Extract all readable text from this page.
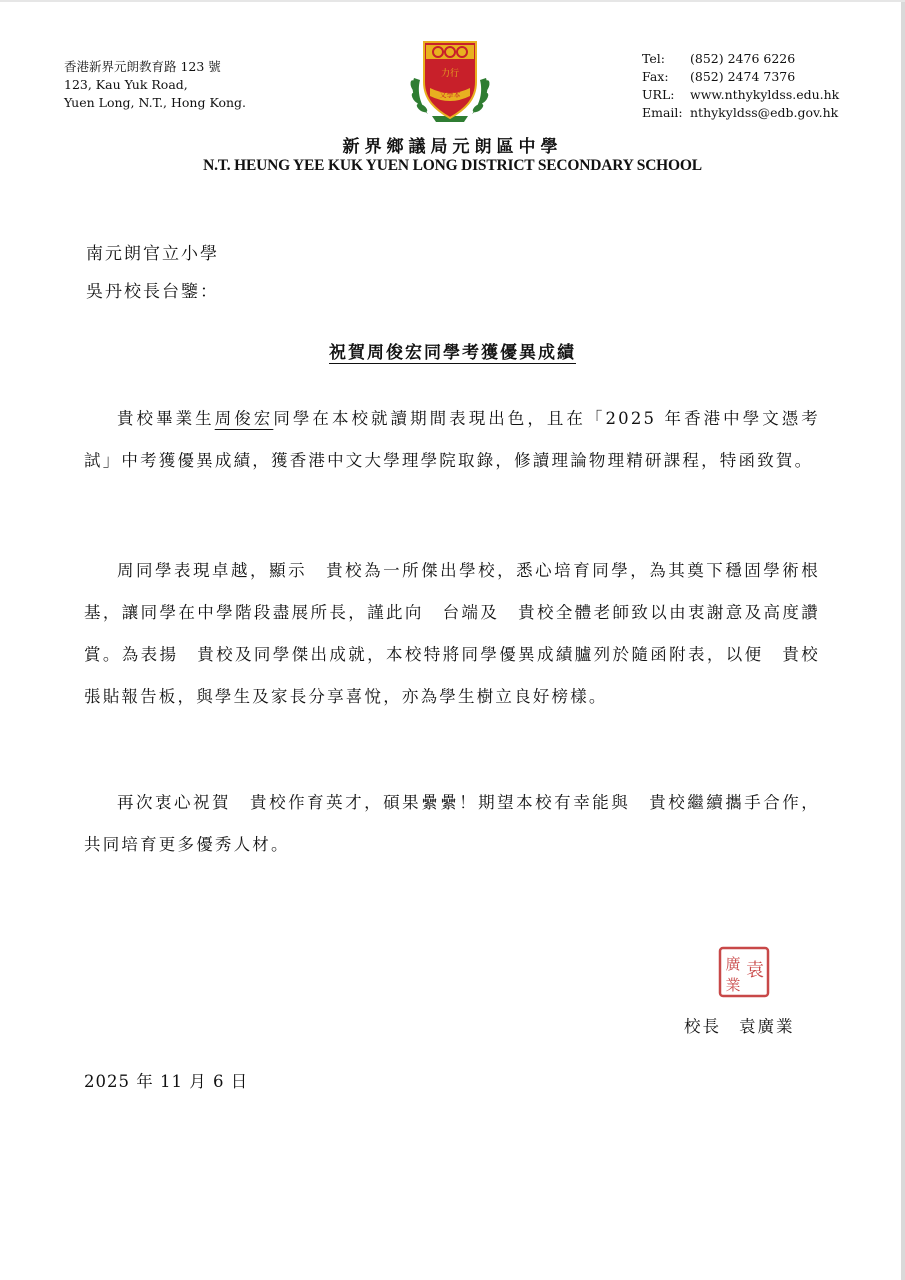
香港新界元朗教育路 123 號
123, Kau Yuk Road,
Yuen Long, N.T., Hong Kong.
力行
文學本
Tel:	(852) 2476 6226
Fax:	(852) 2474 7376
URL:	www.nthykyldss.edu.hk
Email: nthykyldss@edb.gov.hk
新界鄉議局元朗區中學
N.T. HEUNG YEE KUK YUEN LONG DISTRICT SECONDARY SCHOOL
南元朗官立小學
吳丹校長台鑒：
祝賀周俊宏同學考獲優異成績
貴校畢業生周俊宏同學在本校就讀期間表現出色，且在「2025 年香港中學文憑考試」中考獲優異成績，獲香港中文大學理學院取錄，修讀理論物理精研課程，特函致賀。
周同學表現卓越，顯示　貴校為一所傑出學校，悉心培育同學，為其奠下穩固學術根基，讓同學在中學階段盡展所長，謹此向　台端及　貴校全體老師致以由衷謝意及高度讚賞。為表揚　貴校及同學傑出成就，本校特將同學優異成績臚列於隨函附表，以便　貴校張貼報告板，與學生及家長分享喜悅，亦為學生樹立良好榜樣。
再次衷心祝賀　貴校作育英才，碩果纍纍！期望本校有幸能與　貴校繼續攜手合作，共同培育更多優秀人材。
廣 袁
業
校長 袁廣業
2025 年 11 月 6 日
